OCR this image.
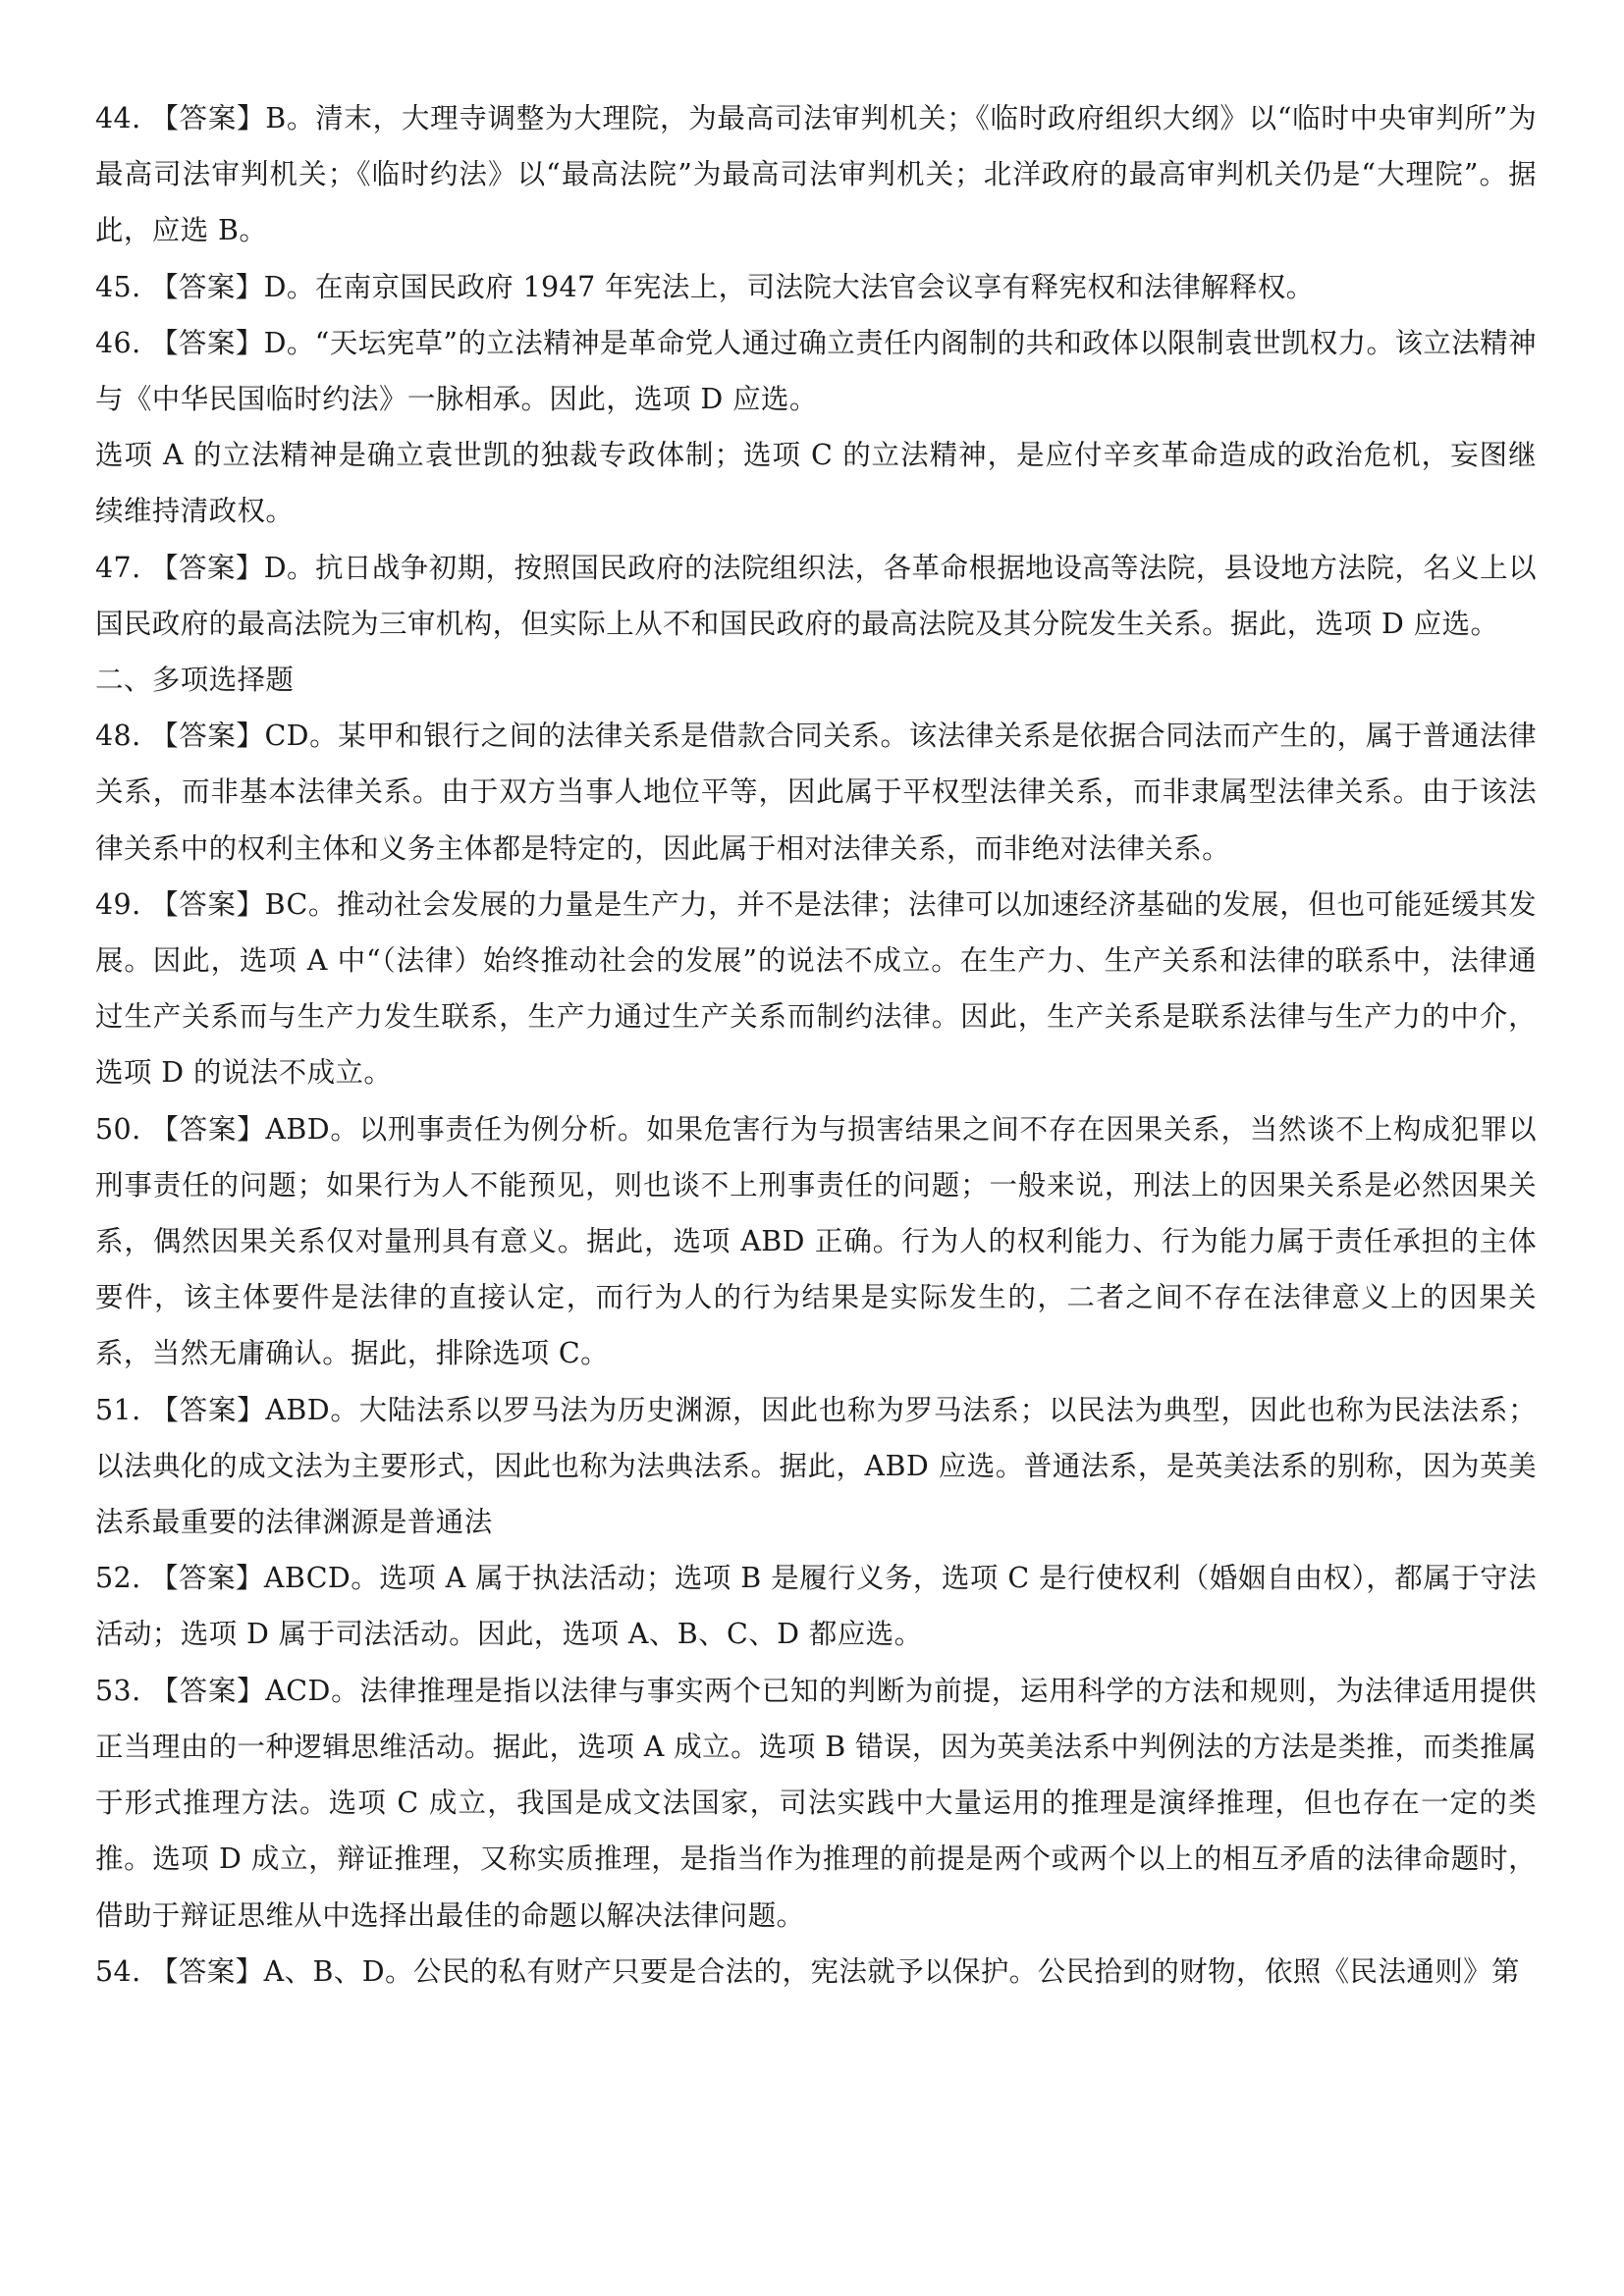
44. 【答案】B。清末，大理寺调整为大理院，为最高司法审判机关；《临时政府组织大纲》以“临时中央审判所”为最高司法审判机关；《临时约法》以“最高法院”为最高司法审判机关；北洋政府的最高审判机关仍是“大理院”。据此，应选 B。

45. 【答案】D。在南京国民政府 1947 年宪法上，司法院大法官会议享有释宪权和法律解释权。

46. 【答案】D。“天坛宪草”的立法精神是革命党人通过确立责任内阁制的共和政体以限制袁世凯权力。该立法精神与《中华民国临时约法》一脉相承。因此，选项 D 应选。

选项 A 的立法精神是确立袁世凯的独裁专政体制；选项 C 的立法精神，是应付辛亥革命造成的政治危机，妄图继续维持清政权。

47. 【答案】D。抗日战争初期，按照国民政府的法院组织法，各革命根据地设高等法院，县设地方法院，名义上以国民政府的最高法院为三审机构，但实际上从不和国民政府的最高法院及其分院发生关系。据此，选项 D 应选。

二、多项选择题

48. 【答案】CD。某甲和银行之间的法律关系是借款合同关系。该法律关系是依据合同法而产生的，属于普通法律关系，而非基本法律关系。由于双方当事人地位平等，因此属于平权型法律关系，而非隶属型法律关系。由于该法律关系中的权利主体和义务主体都是特定的，因此属于相对法律关系，而非绝对法律关系。

49. 【答案】BC。推动社会发展的力量是生产力，并不是法律；法律可以加速经济基础的发展，但也可能延缓其发展。因此，选项 A 中“（法律）始终推动社会的发展”的说法不成立。在生产力、生产关系和法律的联系中，法律通过生产关系而与生产力发生联系，生产力通过生产关系而制约法律。因此，生产关系是联系法律与生产力的中介，选项 D 的说法不成立。

50. 【答案】ABD。以刑事责任为例分析。如果危害行为与损害结果之间不存在因果关系，当然谈不上构成犯罪以刑事责任的问题；如果行为人不能预见，则也谈不上刑事责任的问题；一般来说，刑法上的因果关系是必然因果关系，偶然因果关系仅对量刑具有意义。据此，选项 ABD 正确。行为人的权利能力、行为能力属于责任承担的主体要件，该主体要件是法律的直接认定，而行为人的行为结果是实际发生的，二者之间不存在法律意义上的因果关系，当然无庸确认。据此，排除选项 C。

51. 【答案】ABD。大陆法系以罗马法为历史渊源，因此也称为罗马法系；以民法为典型，因此也称为民法法系；以法典化的成文法为主要形式，因此也称为法典法系。据此，ABD 应选。普通法系，是英美法系的别称，因为英美法系最重要的法律渊源是普通法

52. 【答案】ABCD。选项 A 属于执法活动；选项 B 是履行义务，选项 C 是行使权利（婚姻自由权），都属于守法活动；选项 D 属于司法活动。因此，选项 A、B、C、D 都应选。

53. 【答案】ACD。法律推理是指以法律与事实两个已知的判断为前提，运用科学的方法和规则，为法律适用提供正当理由的一种逻辑思维活动。据此，选项 A 成立。选项 B 错误，因为英美法系中判例法的方法是类推，而类推属于形式推理方法。选项 C 成立，我国是成文法国家，司法实践中大量运用的推理是演绎推理，但也存在一定的类推。选项 D 成立，辩证推理，又称实质推理，是指当作为推理的前提是两个或两个以上的相互矛盾的法律命题时，借助于辩证思维从中选择出最佳的命题以解决法律问题。

54. 【答案】A、B、D。公民的私有财产只要是合法的，宪法就予以保护。公民拾到的财物，依照《民法通则》第
